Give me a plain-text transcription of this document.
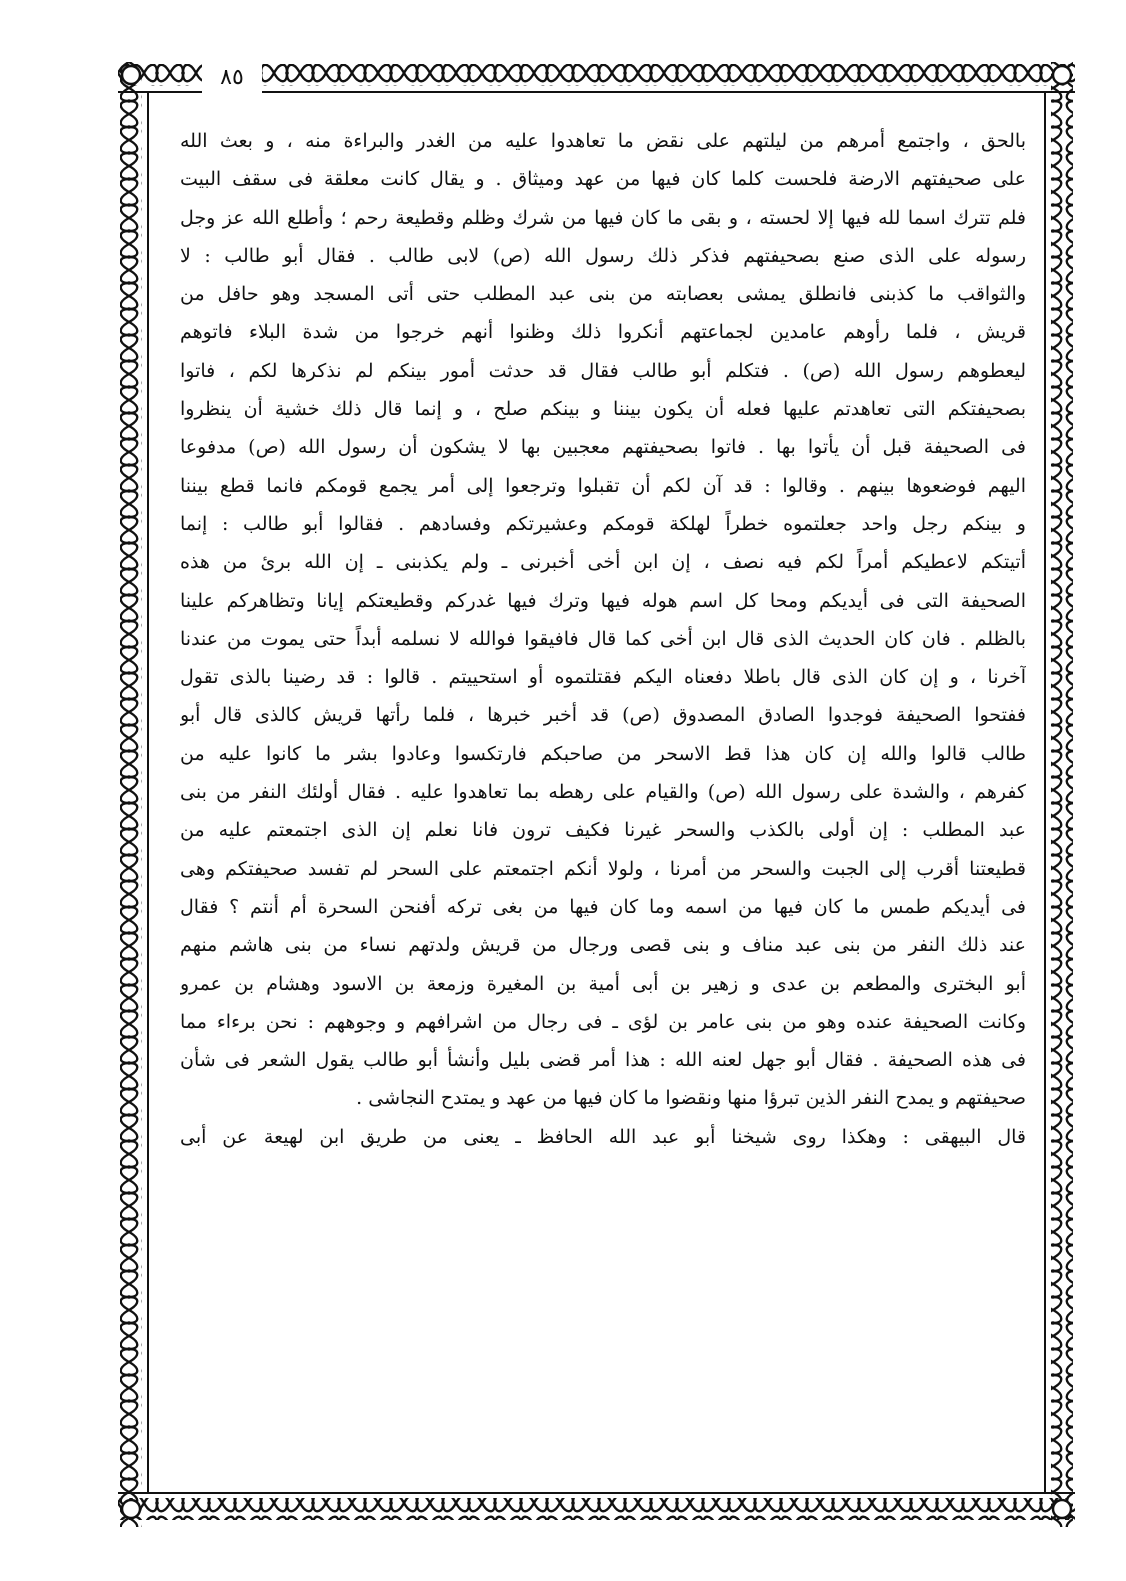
٨٥
بالحق ، واجتمع أمرهم من ليلتهم على نقض ما تعاهدوا عليه من الغدر والبراءة منه ، و بعث الله
على صحيفتهم الارضة فلحست كلما كان فيها من عهد وميثاق . و يقال كانت معلقة فى سقف البيت
فلم تترك اسما لله فيها إلا لحسته ، و بقى ما كان فيها من شرك وظلم وقطيعة رحم ؛ وأطلع الله عز وجل
رسوله على الذى صنع بصحيفتهم فذكر ذلك رسول الله (ص) لابى طالب . فقال أبو طالب : لا
والثواقب ما كذبنى فانطلق يمشى بعصابته من بنى عبد المطلب حتى أتى المسجد وهو حافل من
قريش ، فلما رأوهم عامدين لجماعتهم أنكروا ذلك وظنوا أنهم خرجوا من شدة البلاء فاتوهم
ليعطوهم رسول الله (ص) . فتكلم أبو طالب فقال قد حدثت أمور بينكم لم نذكرها لكم ، فاتوا
بصحيفتكم التى تعاهدتم عليها فعله أن يكون بيننا و بينكم صلح ، و إنما قال ذلك خشية أن ينظروا
فى الصحيفة قبل أن يأتوا بها . فاتوا بصحيفتهم معجبين بها لا يشكون أن رسول الله (ص) مدفوعا
اليهم فوضعوها بينهم . وقالوا : قد آن لكم أن تقبلوا وترجعوا إلى أمر يجمع قومكم فانما قطع بيننا
و بينكم رجل واحد جعلتموه خطراً لهلكة قومكم وعشيرتكم وفسادهم . فقالوا أبو طالب : إنما
أتيتكم لاعطيكم أمراً لكم فيه نصف ، إن ابن أخى أخبرنى ـ ولم يكذبنى ـ إن الله برئ من هذه
الصحيفة التى فى أيديكم ومحا كل اسم هوله فيها وترك فيها غدركم وقطيعتكم إيانا وتظاهركم علينا
بالظلم . فان كان الحديث الذى قال ابن أخى كما قال فافيقوا فوالله لا نسلمه أبداً حتى يموت من عندنا
آخرنا ، و إن كان الذى قال باطلا دفعناه اليكم فقتلتموه أو استحييتم . قالوا : قد رضينا بالذى تقول
ففتحوا الصحيفة فوجدوا الصادق المصدوق (ص) قد أخبر خبرها ، فلما رأتها قريش كالذى قال أبو
طالب قالوا والله إن كان هذا قط الاسحر من صاحبكم فارتكسوا وعادوا بشر ما كانوا عليه من
كفرهم ، والشدة على رسول الله (ص) والقيام على رهطه بما تعاهدوا عليه . فقال أولئك النفر من بنى
عبد المطلب : إن أولى بالكذب والسحر غيرنا فكيف ترون فانا نعلم إن الذى اجتمعتم عليه من
قطيعتنا أقرب إلى الجبت والسحر من أمرنا ، ولولا أنكم اجتمعتم على السحر لم تفسد صحيفتكم وهى
فى أيديكم طمس ما كان فيها من اسمه وما كان فيها من بغى تركه أفنحن السحرة أم أنتم ؟ فقال
عند ذلك النفر من بنى عبد مناف و بنى قصى ورجال من قريش ولدتهم نساء من بنى هاشم منهم
أبو البخترى والمطعم بن عدى و زهير بن أبى أمية بن المغيرة وزمعة بن الاسود وهشام بن عمرو
وكانت الصحيفة عنده وهو من بنى عامر بن لؤى ـ فى رجال من اشرافهم و وجوههم : نحن برءاء مما
فى هذه الصحيفة . فقال أبو جهل لعنه الله : هذا أمر قضى بليل وأنشأ أبو طالب يقول الشعر فى شأن
صحيفتهم و يمدح النفر الذين تبرؤا منها ونقضوا ما كان فيها من عهد و يمتدح النجاشى .
قال البيهقى : وهكذا روى شيخنا أبو عبد الله الحافظ ـ يعنى من طريق ابن لهيعة عن أبى
